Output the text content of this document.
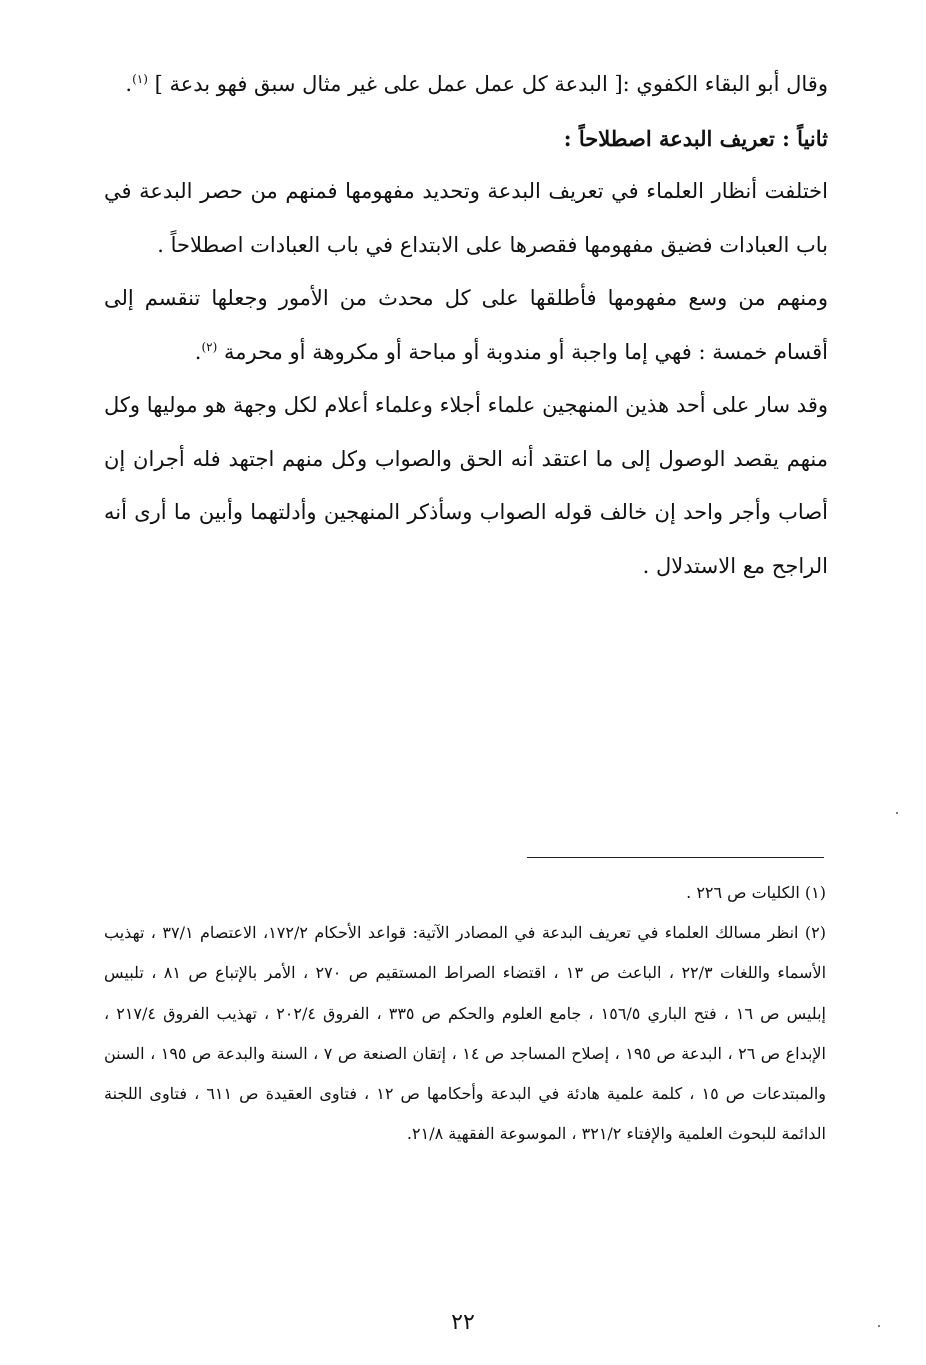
وقال أبو البقاء الكفوي :[ البدعة كل عمل عمل على غير مثال سبق فهو بدعة ] $^{(١)}$.

ثانياً : تعريف البدعة اصطلاحاً :

اختلفت أنظار العلماء في تعريف البدعة وتحديد مفهومها فمنهم من حصر البدعة في باب العبادات فضيق مفهومها فقصرها على الابتداع في باب العبادات اصطلاحاً .

ومنهم من وسع مفهومها فأطلقها على كل محدث من الأمور وجعلها تنقسم إلى أقسام خمسة : فهي إما واجبة أو مندوبة أو مباحة أو مكروهة أو محرمة $^{(٢)}$.

وقد سار على أحد هذين المنهجين علماء أجلاء وعلماء أعلام لكل وجهة هو موليها وكل منهم يقصد الوصول إلى ما اعتقد أنه الحق والصواب وكل منهم اجتهد فله أجران إن أصاب وأجر واحد إن خالف قوله الصواب وسأذكر المنهجين وأدلتهما وأبين ما أرى أنه الراجح مع الاستدلال .

(١) الكليات ص ٢٢٦ .

(٢) انظر مسالك العلماء في تعريف البدعة في المصادر الآتية: قواعد الأحكام ١٧٢/٢، الاعتصام ٣٧/١ ، تهذيب الأسماء واللغات ٢٢/٣ ، الباعث ص ١٣ ، اقتضاء الصراط المستقيم ص ٢٧٠ ، الأمر بالإتباع ص ٨١ ، تلبيس إبليس ص ١٦ ، فتح الباري ١٥٦/٥ ، جامع العلوم والحكم ص ٣٣٥ ، الفروق ٢٠٢/٤ ، تهذيب الفروق ٢١٧/٤ ، الإبداع ص ٢٦ ، البدعة ص ١٩٥ ، إصلاح المساجد ص ١٤ ، إتقان الصنعة ص ٧ ، السنة والبدعة ص ١٩٥ ، السنن والمبتدعات ص ١٥ ، كلمة علمية هادئة في البدعة وأحكامها ص ١٢ ، فتاوى العقيدة ص ٦١١ ، فتاوى اللجنة الدائمة للبحوث العلمية والإفتاء ٣٢١/٢ ، الموسوعة الفقهية ٢١/٨.

٢٢
